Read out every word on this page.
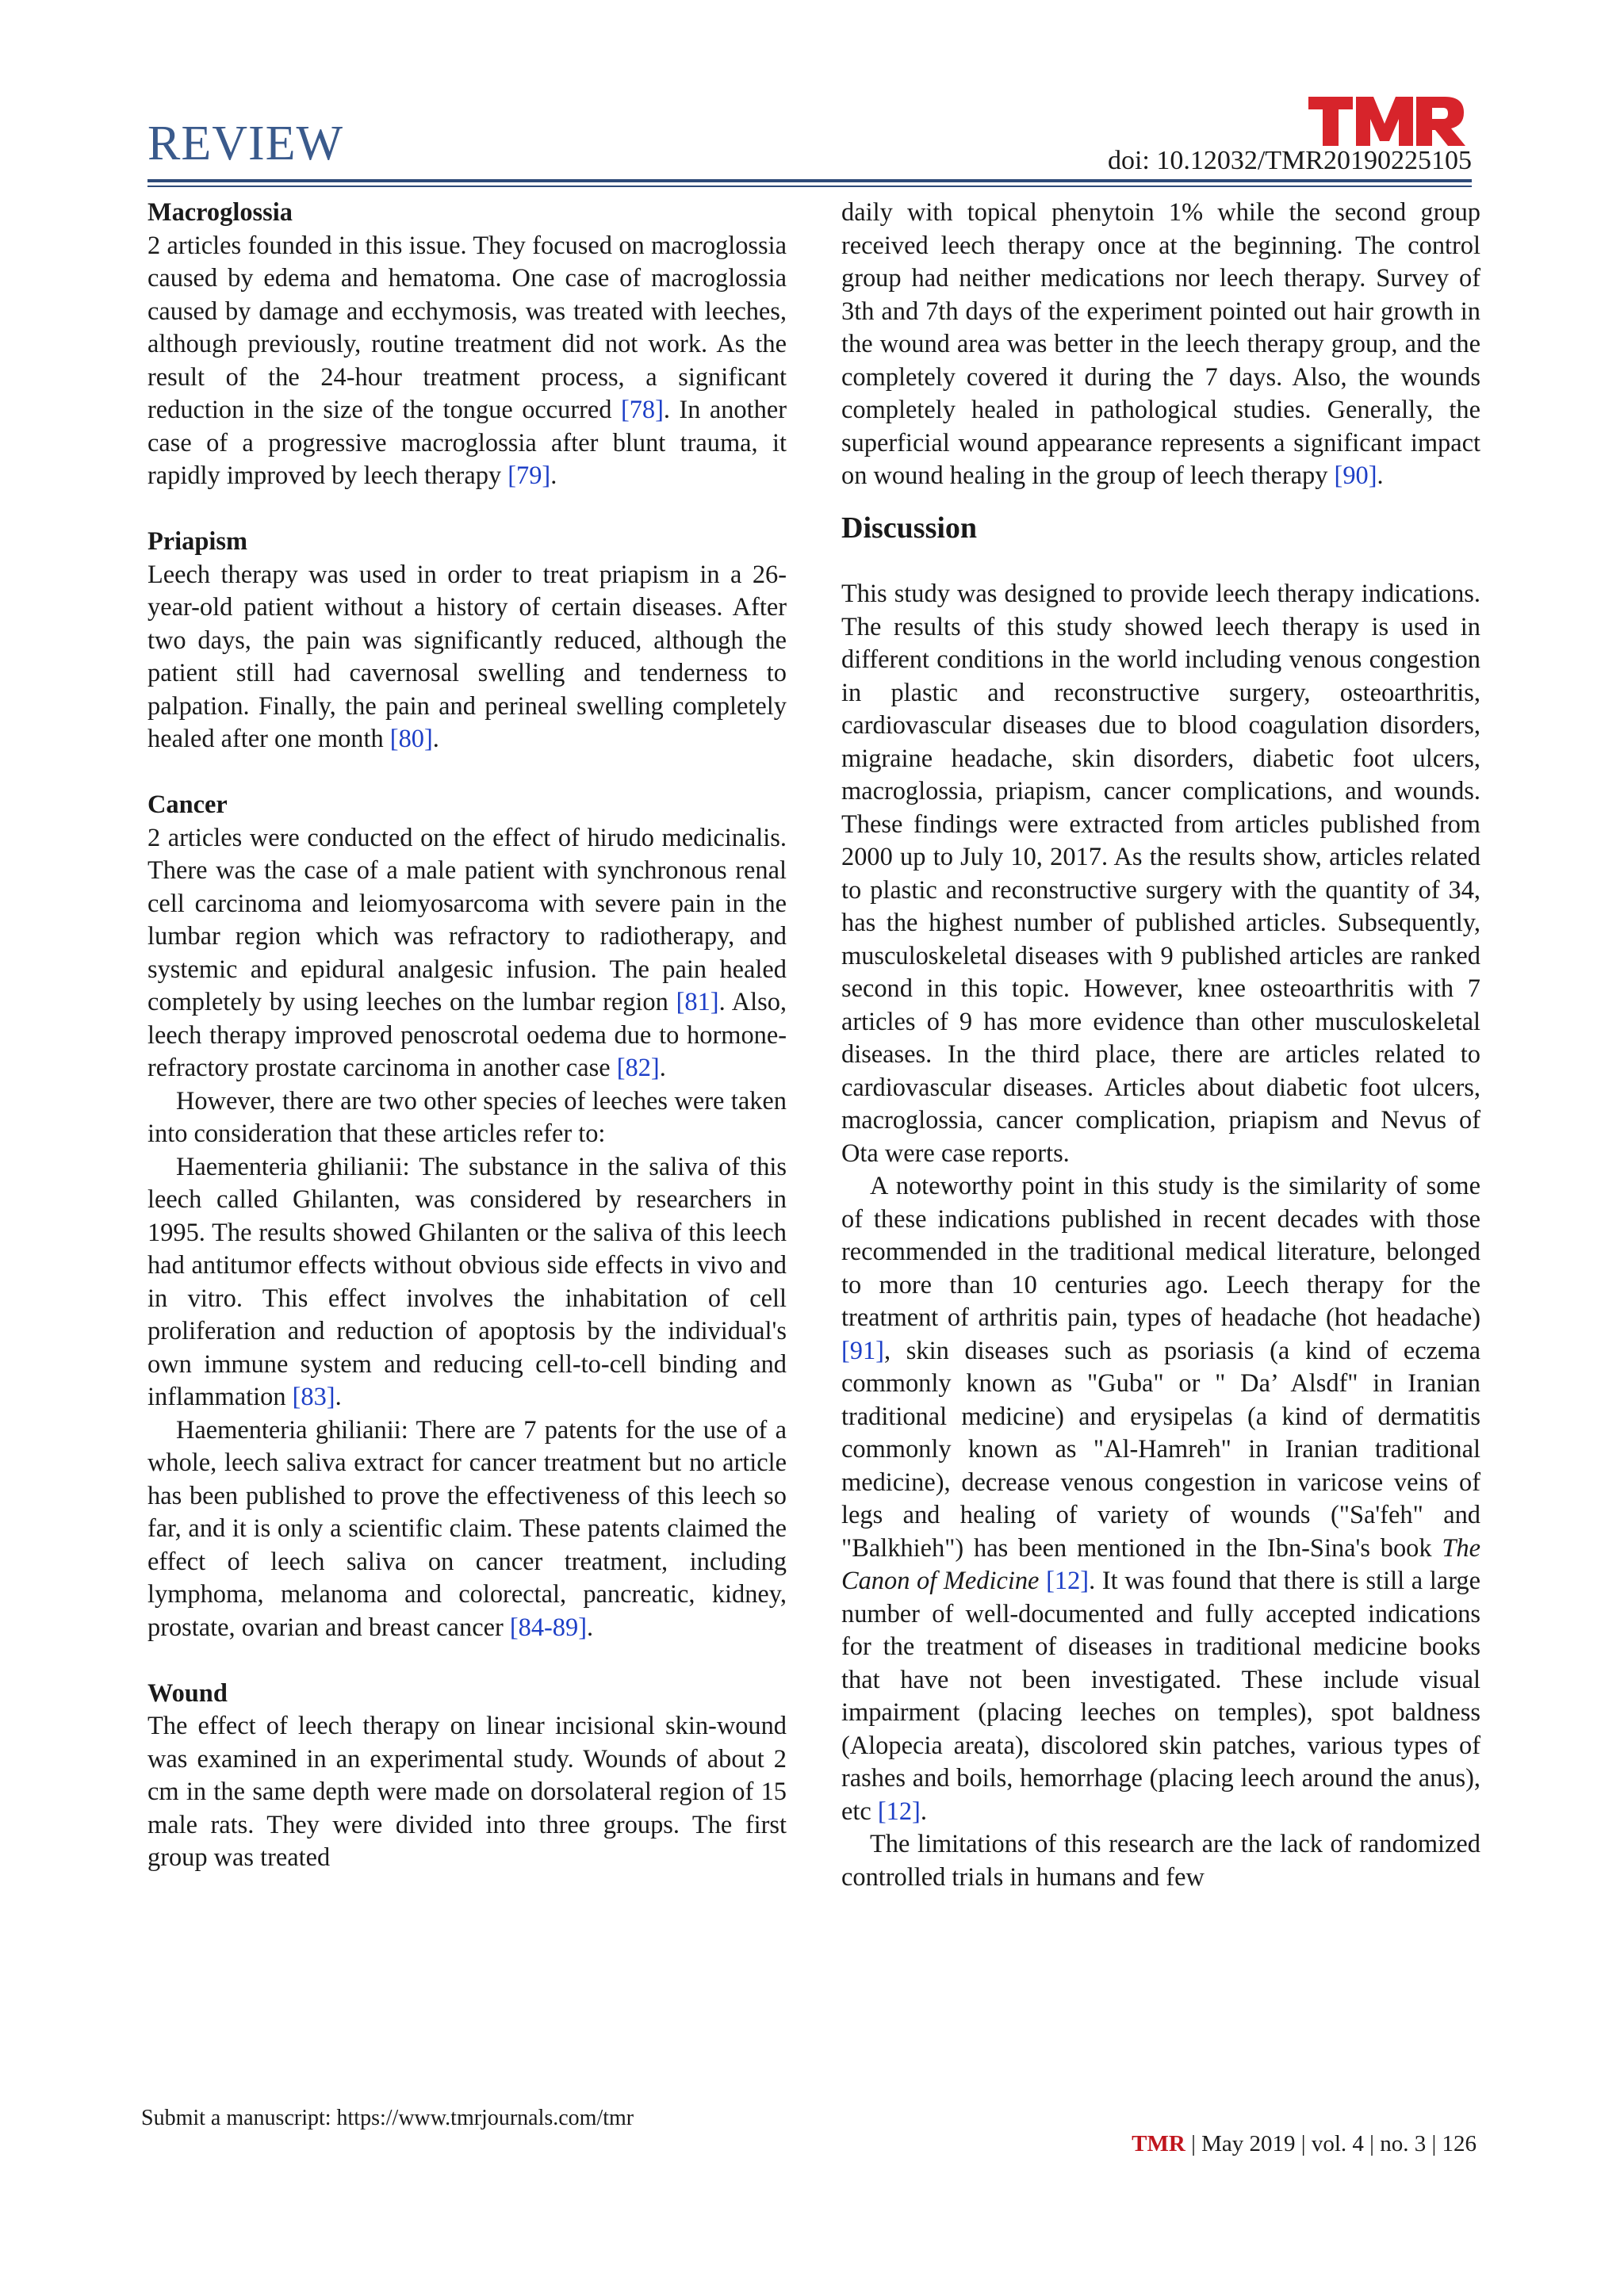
REVIEW	doi: 10.12032/TMR20190225105

Macroglossia

2 articles founded in this issue. They focused on macroglossia caused by edema and hematoma. One case of macroglossia caused by damage and ecchymosis, was treated with leeches, although previously, routine treatment did not work. As the result of the 24-hour treatment process, a significant reduction in the size of the tongue occurred [78]. In another case of a progressive macroglossia after blunt trauma, it rapidly improved by leech therapy [79].

Priapism

Leech therapy was used in order to treat priapism in a 26-year-old patient without a history of certain diseases. After two days, the pain was significantly reduced, although the patient still had cavernosal swelling and tenderness to palpation. Finally, the pain and perineal swelling completely healed after one month [80].

Cancer

2 articles were conducted on the effect of hirudo medicinalis. There was the case of a male patient with synchronous renal cell carcinoma and leiomyosarcoma with severe pain in the lumbar region which was refractory to radiotherapy, and systemic and epidural analgesic infusion. The pain healed completely by using leeches on the lumbar region [81]. Also, leech therapy improved penoscrotal oedema due to hormone-refractory prostate carcinoma in another case [82].

However, there are two other species of leeches were taken into consideration that these articles refer to:

Haementeria ghilianii: The substance in the saliva of this leech called Ghilanten, was considered by researchers in 1995. The results showed Ghilanten or the saliva of this leech had antitumor effects without obvious side effects in vivo and in vitro. This effect involves the inhabitation of cell proliferation and reduction of apoptosis by the individual's own immune system and reducing cell-to-cell binding and inflammation [83].

Haementeria ghilianii: There are 7 patents for the use of a whole, leech saliva extract for cancer treatment but no article has been published to prove the effectiveness of this leech so far, and it is only a scientific claim. These patents claimed the effect of leech saliva on cancer treatment, including lymphoma, melanoma and colorectal, pancreatic, kidney, prostate, ovarian and breast cancer [84-89].

Wound

The effect of leech therapy on linear incisional skin-wound was examined in an experimental study. Wounds of about 2 cm in the same depth were made on dorsolateral region of 15 male rats. They were divided into three groups. The first group was treated

daily with topical phenytoin 1% while the second group received leech therapy once at the beginning. The control group had neither medications nor leech therapy. Survey of 3th and 7th days of the experiment pointed out hair growth in the wound area was better in the leech therapy group, and the completely covered it during the 7 days. Also, the wounds completely healed in pathological studies. Generally, the superficial wound appearance represents a significant impact on wound healing in the group of leech therapy [90].

Discussion

This study was designed to provide leech therapy indications. The results of this study showed leech therapy is used in different conditions in the world including venous congestion in plastic and reconstructive surgery, osteoarthritis, cardiovascular diseases due to blood coagulation disorders, migraine headache, skin disorders, diabetic foot ulcers, macroglossia, priapism, cancer complications, and wounds. These findings were extracted from articles published from 2000 up to July 10, 2017. As the results show, articles related to plastic and reconstructive surgery with the quantity of 34, has the highest number of published articles. Subsequently, musculoskeletal diseases with 9 published articles are ranked second in this topic. However, knee osteoarthritis with 7 articles of 9 has more evidence than other musculoskeletal diseases. In the third place, there are articles related to cardiovascular diseases. Articles about diabetic foot ulcers, macroglossia, cancer complication, priapism and Nevus of Ota were case reports.

A noteworthy point in this study is the similarity of some of these indications published in recent decades with those recommended in the traditional medical literature, belonged to more than 10 centuries ago. Leech therapy for the treatment of arthritis pain, types of headache (hot headache) [91], skin diseases such as psoriasis (a kind of eczema commonly known as "Guba" or " Da’ Alsdf" in Iranian traditional medicine) and erysipelas (a kind of dermatitis commonly known as "Al-Hamreh" in Iranian traditional medicine), decrease venous congestion in varicose veins of legs and healing of variety of wounds ("Sa'feh" and "Balkhieh") has been mentioned in the Ibn-Sina's book The Canon of Medicine [12]. It was found that there is still a large number of well-documented and fully accepted indications for the treatment of diseases in traditional medicine books that have not been investigated. These include visual impairment (placing leeches on temples), spot baldness (Alopecia areata), discolored skin patches, various types of rashes and boils, hemorrhage (placing leech around the anus), etc [12].

The limitations of this research are the lack of randomized controlled trials in humans and few

Submit a manuscript: https://www.tmrjournals.com/tmr
TMR | May 2019 | vol. 4 | no. 3 | 126
